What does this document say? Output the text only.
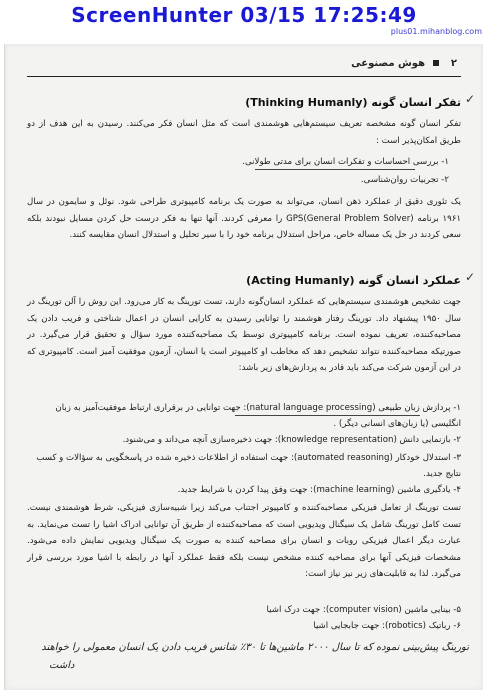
ScreenHunter 03/15 17:25:49
plus01.mihanblog.com
۲
هوش مصنوعی
✓
تفکر انسان گونه (Thinking Humanly)
تفکر انسان گونه مشخصه تعریف سیستم‌هایی هوشمندی است که مثل انسان فکر می‌کنند. رسیدن به این هدف از دو طریق امکان‌پذیر است :
۱- بررسی احساسات و تفکرات انسان برای مدتی طولانی.
۲- تجربیات روان‌شناسی.
یک تئوری دقیق از عملکرد ذهن انسان، می‌تواند به صورت یک برنامه کامپیوتری طراحی شود. نوئل و سایمون در سال ۱۹۶۱ برنامه (GPS(General Problem Solver را معرفی کردند. آنها تنها به فکر درست حل کردن مسایل نبودند بلکه سعی کردند در حل یک مساله خاص، مراحل استدلال برنامه خود را با سیر تحلیل و استدلال انسان مقایسه کنند.
✓
عملکرد انسان گونه (Acting Humanly)
جهت تشخیص هوشمندی سیستم‌هایی که عملکرد انسان‌گونه دارند، تست تورینگ به کار می‌رود. این روش را آلن تورینگ در سال ۱۹۵۰ پیشنهاد داد. تورینگ رفتار هوشمند را توانایی رسیدن به کارایی انسان در اعمال شناختی و فریب دادن یک مصاحبه‌کننده، تعریف نموده است. برنامه کامپیوتری توسط یک مصاحبه‌کننده مورد سؤال و تحقیق قرار می‌گیرد. در صورتیکه مصاحبه‌کننده نتواند تشخیص دهد که مخاطب او کامپیوتر است یا انسان، آزمون موفقیت آمیز است. کامپیوتری که در این آزمون شرکت می‌کند باید قادر به پردازش‌های زیر باشد:
۱- پردازش زبان طبیعی (natural language processing): جهت توانایی در برقراری ارتباط موفقیت‌آمیز به زبان انگلیسی (یا زبان‌های انسانی دیگر) .
۲- بازنمایی دانش (knowledge representation): جهت ذخیره‌سازی آنچه می‌داند و می‌شنود.
۳- استدلال خودکار (automated reasoning): جهت استفاده از اطلاعات ذخیره شده در پاسخگویی به سؤالات و کسب نتایج جدید.
۴- یادگیری ماشین (machine learning): جهت وفق پیدا کردن با شرایط جدید.
تست تورینگ از تعامل فیزیکی مصاحبه‌کننده و کامپیوتر اجتناب می‌کند زیرا شبیه‌سازی فیزیکی، شرط هوشمندی نیست. تست کامل تورینگ شامل یک سیگنال ویدیویی است که مصاحبه‌کننده از طریق آن توانایی ادراک اشیا را تست می‌نماید. به عبارت دیگر اعمال فیزیکی روبات و انسان برای مصاحبه کننده به صورت یک سیگنال ویدیویی نمایش داده می‌شود. مشخصات فیزیکی آنها برای مصاحبه کننده مشخص نیست بلکه فقط عملکرد آنها در رابطه با اشیا مورد بررسی قرار می‌گیرد. لذا به قابلیت‌های زیر نیز نیاز است:
۵- بینایی ماشین (computer vision): جهت درک اشیا
۶- رباتیک (robotics): جهت جابجایی اشیا
تورینگ پیش‌بینی نموده که تا سال ۲۰۰۰ ماشین‌ها تا ۳۰٪ شانس فریب دادن یک انسان معمولی را خواهند
داشت
